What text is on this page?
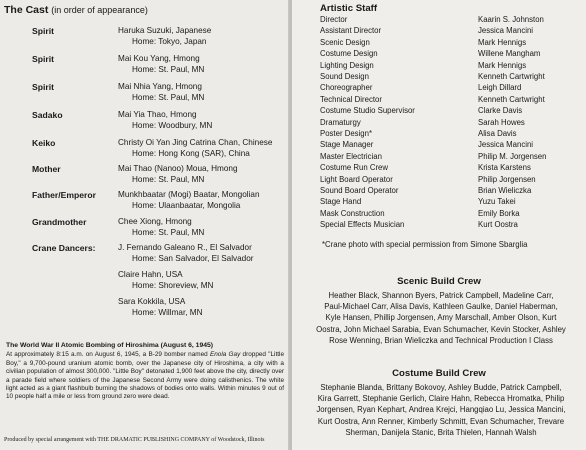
The Cast (in order of appearance)
Spirit	Haruka Suzuki, Japanese
Home: Tokyo, Japan
Spirit	Mai Kou Yang, Hmong
Home: St. Paul, MN
Spirit	Mai Nhia Yang, Hmong
Home: St. Paul, MN
Sadako	Mai Yia Thao, Hmong
Home: Woodbury, MN
Keiko	Christy Oi Yan Jing Catrina Chan, Chinese
Home: Hong Kong (SAR), China
Mother	Mai Thao (Nanoo) Moua, Hmong
Home: St. Paul, MN
Father/Emperor	Munkhbaatar (Mogi) Baatar, Mongolian
Home: Ulaanbaatar, Mongolia
Grandmother	Chee Xiong, Hmong
Home: St. Paul, MN
Crane Dancers:	J. Fernando Galeano R., El Salvador
Home: San Salvador, El Salvador
Claire Hahn, USA
Home: Shoreview, MN
Sara Kokkila, USA
Home: Willmar, MN
The World War II Atomic Bombing of Hiroshima (August 6, 1945)
At approximately 8:15 a.m. on August 6, 1945, a B-29 bomber named Enola Gay dropped "Little Boy," a 9,700-pound uranium atomic bomb, over the Japanese city of Hiroshima, a city with a civilian population of almost 300,000. "Little Boy" detonated 1,900 feet above the city, directly over a parade field where soldiers of the Japanese Second Army were doing calisthenics. The white light acted as a giant flashbulb burning the shadows of bodies onto walls. Within minutes 9 out of 10 people half a mile or less from ground zero were dead.
Produced by special arrangement with THE DRAMATIC PUBLISHING COMPANY of Woodstock, Illinois
Artistic Staff
Director	Kaarin S. Johnston
Assistant Director	Jessica Mancini
Scenic Design	Mark Hennigs
Costume Design	Willene Mangham
Lighting Design	Mark Hennigs
Sound Design	Kenneth Cartwright
Choreographer	Leigh Dillard
Technical Director	Kenneth Cartwright
Costume Studio Supervisor	Clarke Davis
Dramaturgy	Sarah Howes
Poster Design*	Alisa Davis
Stage Manager	Jessica Mancini
Master Electrician	Philip M. Jorgensen
Costume Run Crew	Krista Karstens
Light Board Operator	Philip Jorgensen
Sound Board Operator	Brian Wieliczka
Stage Hand	Yuzu Takei
Mask Construction	Emily Borka
Special Effects Musician	Kurt Oostra
*Crane photo with special permission from Simone Sbarglia
Scenic Build Crew
Heather Black, Shannon Byers, Patrick Campbell, Madeline Carr,
Paul-Michael Carr, Alisa Davis, Kathleen Gaulke, Daniel Haberman,
Kyle Hansen, Phillip Jorgensen, Amy Marschall, Amber Olson, Kurt
Oostra, John Michael Sarabia, Evan Schumacher, Kevin Stocker, Ashley
Rose Wenning, Brian Wieliczka and Technical Production I Class
Costume Build Crew
Stephanie Blanda, Brittany Bokovoy, Ashley Budde, Patrick Campbell,
Kira Garrett, Stephanie Gerlich, Claire Hahn, Rebecca Hromatka, Philip
Jorgensen, Ryan Kephart, Andrea Krejci, Hangqiao Lu, Jessica Mancini,
Kurt Oostra, Ann Renner, Kimberly Schmitt, Evan Schumacher, Trevare
Sherman, Danijela Stanic, Brita Thielen, Hannah Walsh
